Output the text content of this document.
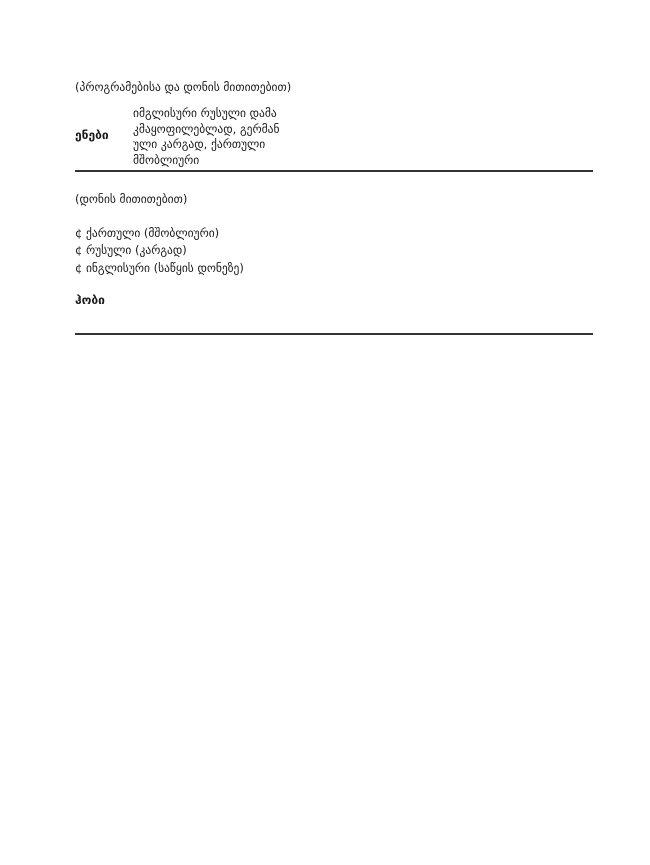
(პროგრამებისა და დონის მითითებით)
ენები
იმგლისური რუსული დამა
კმაყოფილებლად, გერმან
ული კარგად, ქართული
მშობლიური
(დონის მითითებით)
¢ ქართული (მშობლიური)
¢ რუსული (კარგად)
¢ ინგლისური (საწყის დონეზე)
ჰობი
